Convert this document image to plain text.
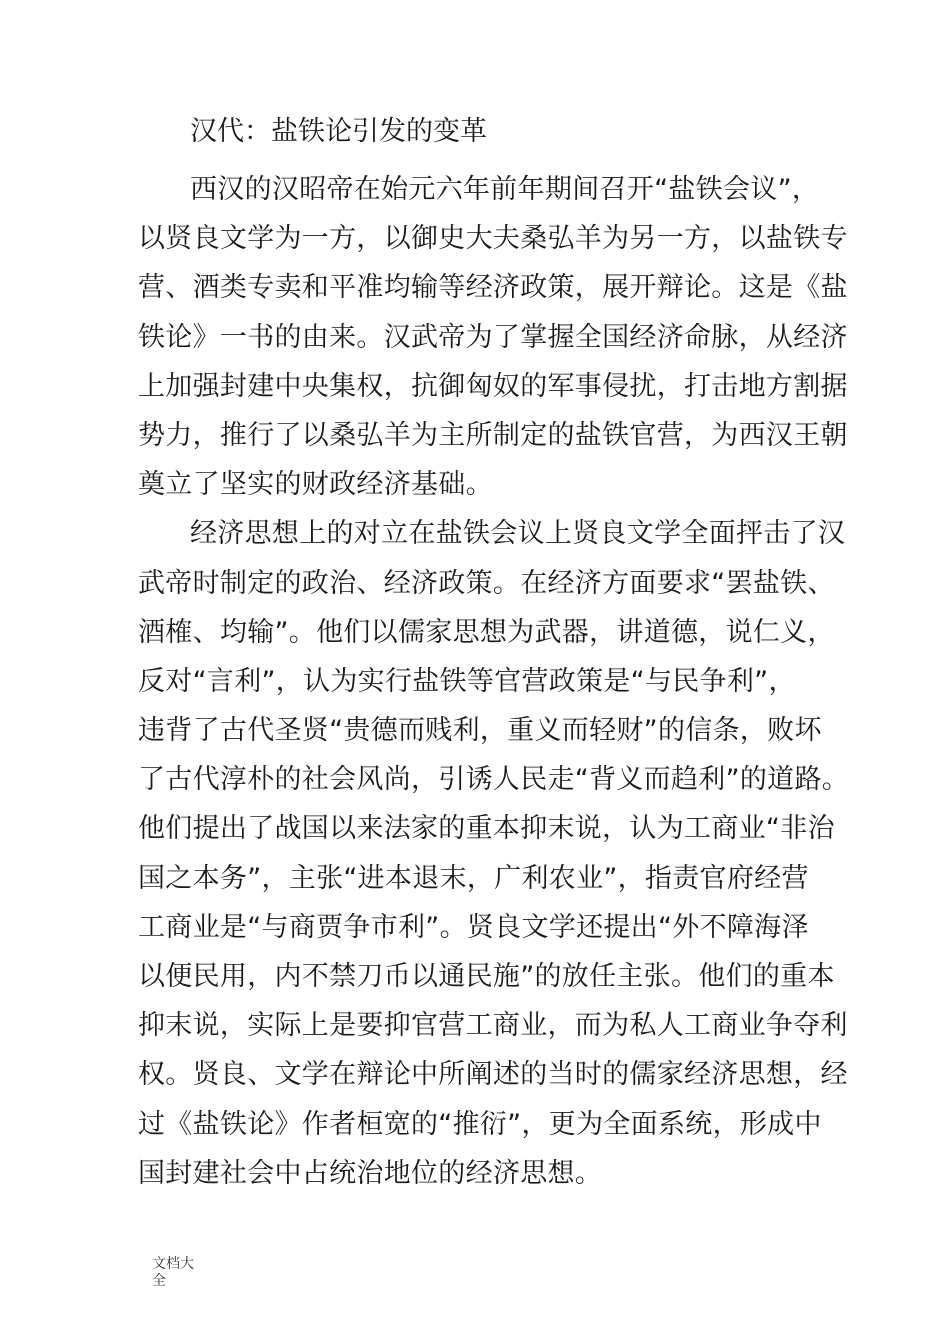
汉代：盐铁论引发的变革
西汉的汉昭帝在始元六年前年期间召开“盐铁会议”，
以贤良文学为一方，以御史大夫桑弘羊为另一方，以盐铁专
营、酒类专卖和平准均输等经济政策，展开辩论。这是《盐
铁论》一书的由来。汉武帝为了掌握全国经济命脉，从经济
上加强封建中央集权，抗御匈奴的军事侵扰，打击地方割据
势力，推行了以桑弘羊为主所制定的盐铁官营，为西汉王朝
奠立了坚实的财政经济基础。
经济思想上的对立在盐铁会议上贤良文学全面抨击了汉
武帝时制定的政治、经济政策。在经济方面要求“罢盐铁、
酒榷、均输”。他们以儒家思想为武器，讲道德，说仁义，
反对“言利”，认为实行盐铁等官营政策是“与民争利”，
违背了古代圣贤“贵德而贱利，重义而轻财”的信条，败坏
了古代淳朴的社会风尚，引诱人民走“背义而趋利”的道路。
他们提出了战国以来法家的重本抑末说，认为工商业“非治
国之本务”，主张“进本退末，广利农业”，指责官府经营
工商业是“与商贾争市利”。贤良文学还提出“外不障海泽
以便民用，内不禁刀币以通民施”的放任主张。他们的重本
抑末说，实际上是要抑官营工商业，而为私人工商业争夺利
权。贤良、文学在辩论中所阐述的当时的儒家经济思想，经
过《盐铁论》作者桓宽的“推衍”，更为全面系统，形成中
国封建社会中占统治地位的经济思想。
文档大全
